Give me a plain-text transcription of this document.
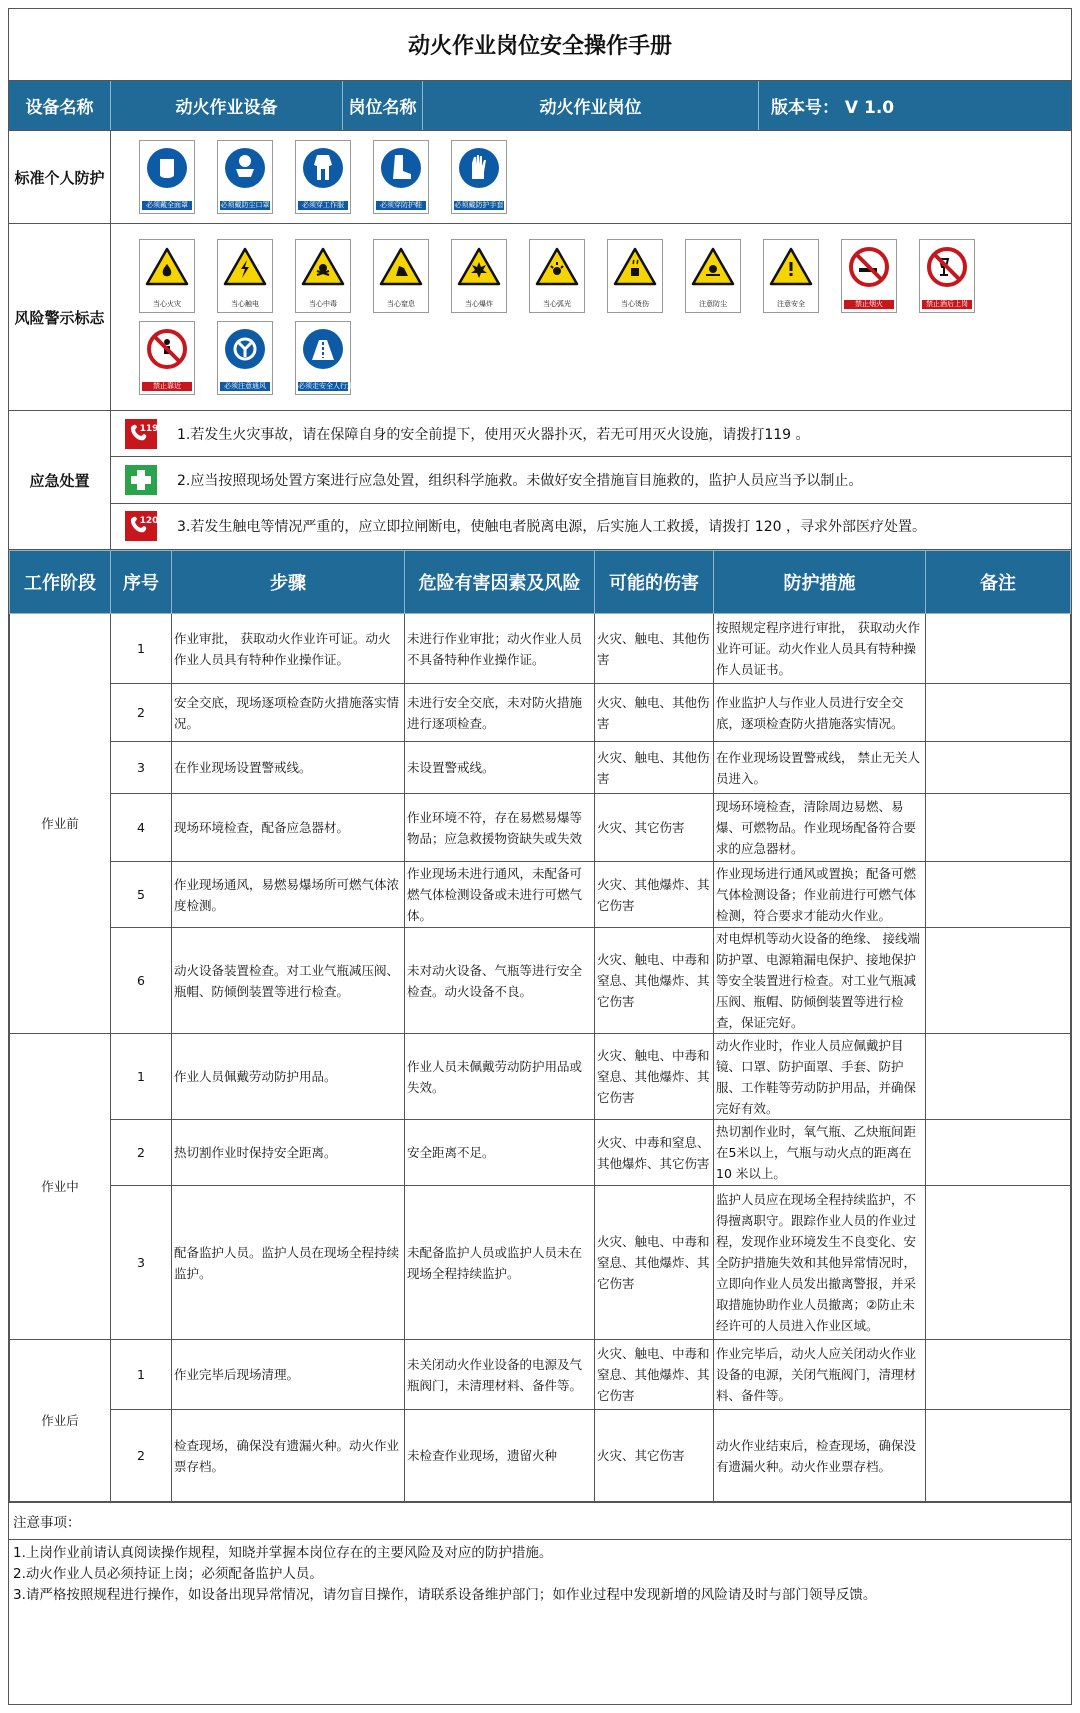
动火作业岗位安全操作手册
设备名称	动火作业设备	岗位名称	动火作业岗位	版本号： V 1.0
标准个人防护
必须戴全面罩	必须戴防尘口罩	必须穿工作服	必须穿防护鞋	必须戴防护手套
风险警示标志
当心火灾	当心触电	当心中毒	当心窒息	当心爆炸	当心弧光	当心烫伤	注意防尘	注意安全	禁止烟火	禁止酒后上岗
禁止靠近	必须注意通风	必须走安全人行道
应急处置
119	1.若发生火灾事故，请在保障自身的安全前提下，使用灭火器扑灭，若无可用灭火设施，请拨打119 。
2.应当按照现场处置方案进行应急处置，组织科学施救。未做好安全措施盲目施救的，监护人员应当予以制止。
120	3.若发生触电等情况严重的，应立即拉闸断电，使触电者脱离电源，后实施人工救援，请拨打 120 ，寻求外部医疗处置。
工作阶段	序号	步骤	危险有害因素及风险	可能的伤害	防护措施	备注
作业前	1	作业审批， 获取动火作业许可证。动火作业人员具有特种作业操作证。	未进行作业审批；动火作业人员不具备特种作业操作证。	火灾、触电、其他伤害	按照规定程序进行审批， 获取动火作业许可证。动火作业人员具有特种操作人员证书。	
	2	安全交底，现场逐项检查防火措施落实情况。	未进行安全交底，未对防火措施进行逐项检查。	火灾、触电、其他伤害	作业监护人与作业人员进行安全交底，逐项检查防火措施落实情况。	
	3	在作业现场设置警戒线。	未设置警戒线。	火灾、触电、其他伤害	在作业现场设置警戒线， 禁止无关人员进入。	
	4	现场环境检查，配备应急器材。	作业环境不符，存在易燃易爆等物品；应急救援物资缺失或失效	火灾、其它伤害	现场环境检查，清除周边易燃、易爆、可燃物品。作业现场配备符合要求的应急器材。	
	5	作业现场通风，易燃易爆场所可燃气体浓度检测。	作业现场未进行通风，未配备可燃气体检测设备或未进行可燃气体。	火灾、其他爆炸、其它伤害	作业现场进行通风或置换；配备可燃气体检测设备；作业前进行可燃气体检测，符合要求才能动火作业。	
	6	动火设备装置检查。对工业气瓶减压阀、瓶帽、防倾倒装置等进行检查。	未对动火设备、气瓶等进行安全检查。动火设备不良。	火灾、触电、中毒和窒息、其他爆炸、其它伤害	对电焊机等动火设备的绝缘、 接线端防护罩、电源箱漏电保护、接地保护等安全装置进行检查。对工业气瓶减压阀、瓶帽、防倾倒装置等进行检查，保证完好。	
作业中	1	作业人员佩戴劳动防护用品。	作业人员未佩戴劳动防护用品或失效。	火灾、触电、中毒和窒息、其他爆炸、其它伤害	动火作业时，作业人员应佩戴护目镜、口罩、防护面罩、手套、防护服、工作鞋等劳动防护用品，并确保完好有效。	
	2	热切割作业时保持安全距离。	安全距离不足。	火灾、中毒和窒息、其他爆炸、其它伤害	热切割作业时，氧气瓶、乙炔瓶间距在5米以上，气瓶与动火点的距离在 10 米以上。	
	3	配备监护人员。监护人员在现场全程持续监护。	未配备监护人员或监护人员未在现场全程持续监护。	火灾、触电、中毒和窒息、其他爆炸、其它伤害	监护人员应在现场全程持续监护，不得擅离职守。跟踪作业人员的作业过程，发现作业环境发生不良变化、安全防护措施失效和其他异常情况时，立即向作业人员发出撤离警报，并采取措施协助作业人员撤离；②防止未经许可的人员进入作业区域。	
作业后	1	作业完毕后现场清理。	未关闭动火作业设备的电源及气瓶阀门，未清理材料、备件等。	火灾、触电、中毒和窒息、其他爆炸、其它伤害	作业完毕后，动火人应关闭动火作业设备的电源，关闭气瓶阀门，清理材料、备件等。	
	2	检查现场，确保没有遗漏火种。动火作业票存档。	未检查作业现场，遗留火种	火灾、其它伤害	动火作业结束后，检查现场，确保没有遗漏火种。动火作业票存档。	
注意事项：
1.上岗作业前请认真阅读操作规程，知晓并掌握本岗位存在的主要风险及对应的防护措施。
2.动火作业人员必须持证上岗；必须配备监护人员。
3.请严格按照规程进行操作，如设备出现异常情况，请勿盲目操作，请联系设备维护部门；如作业过程中发现新增的风险请及时与部门领导反馈。
